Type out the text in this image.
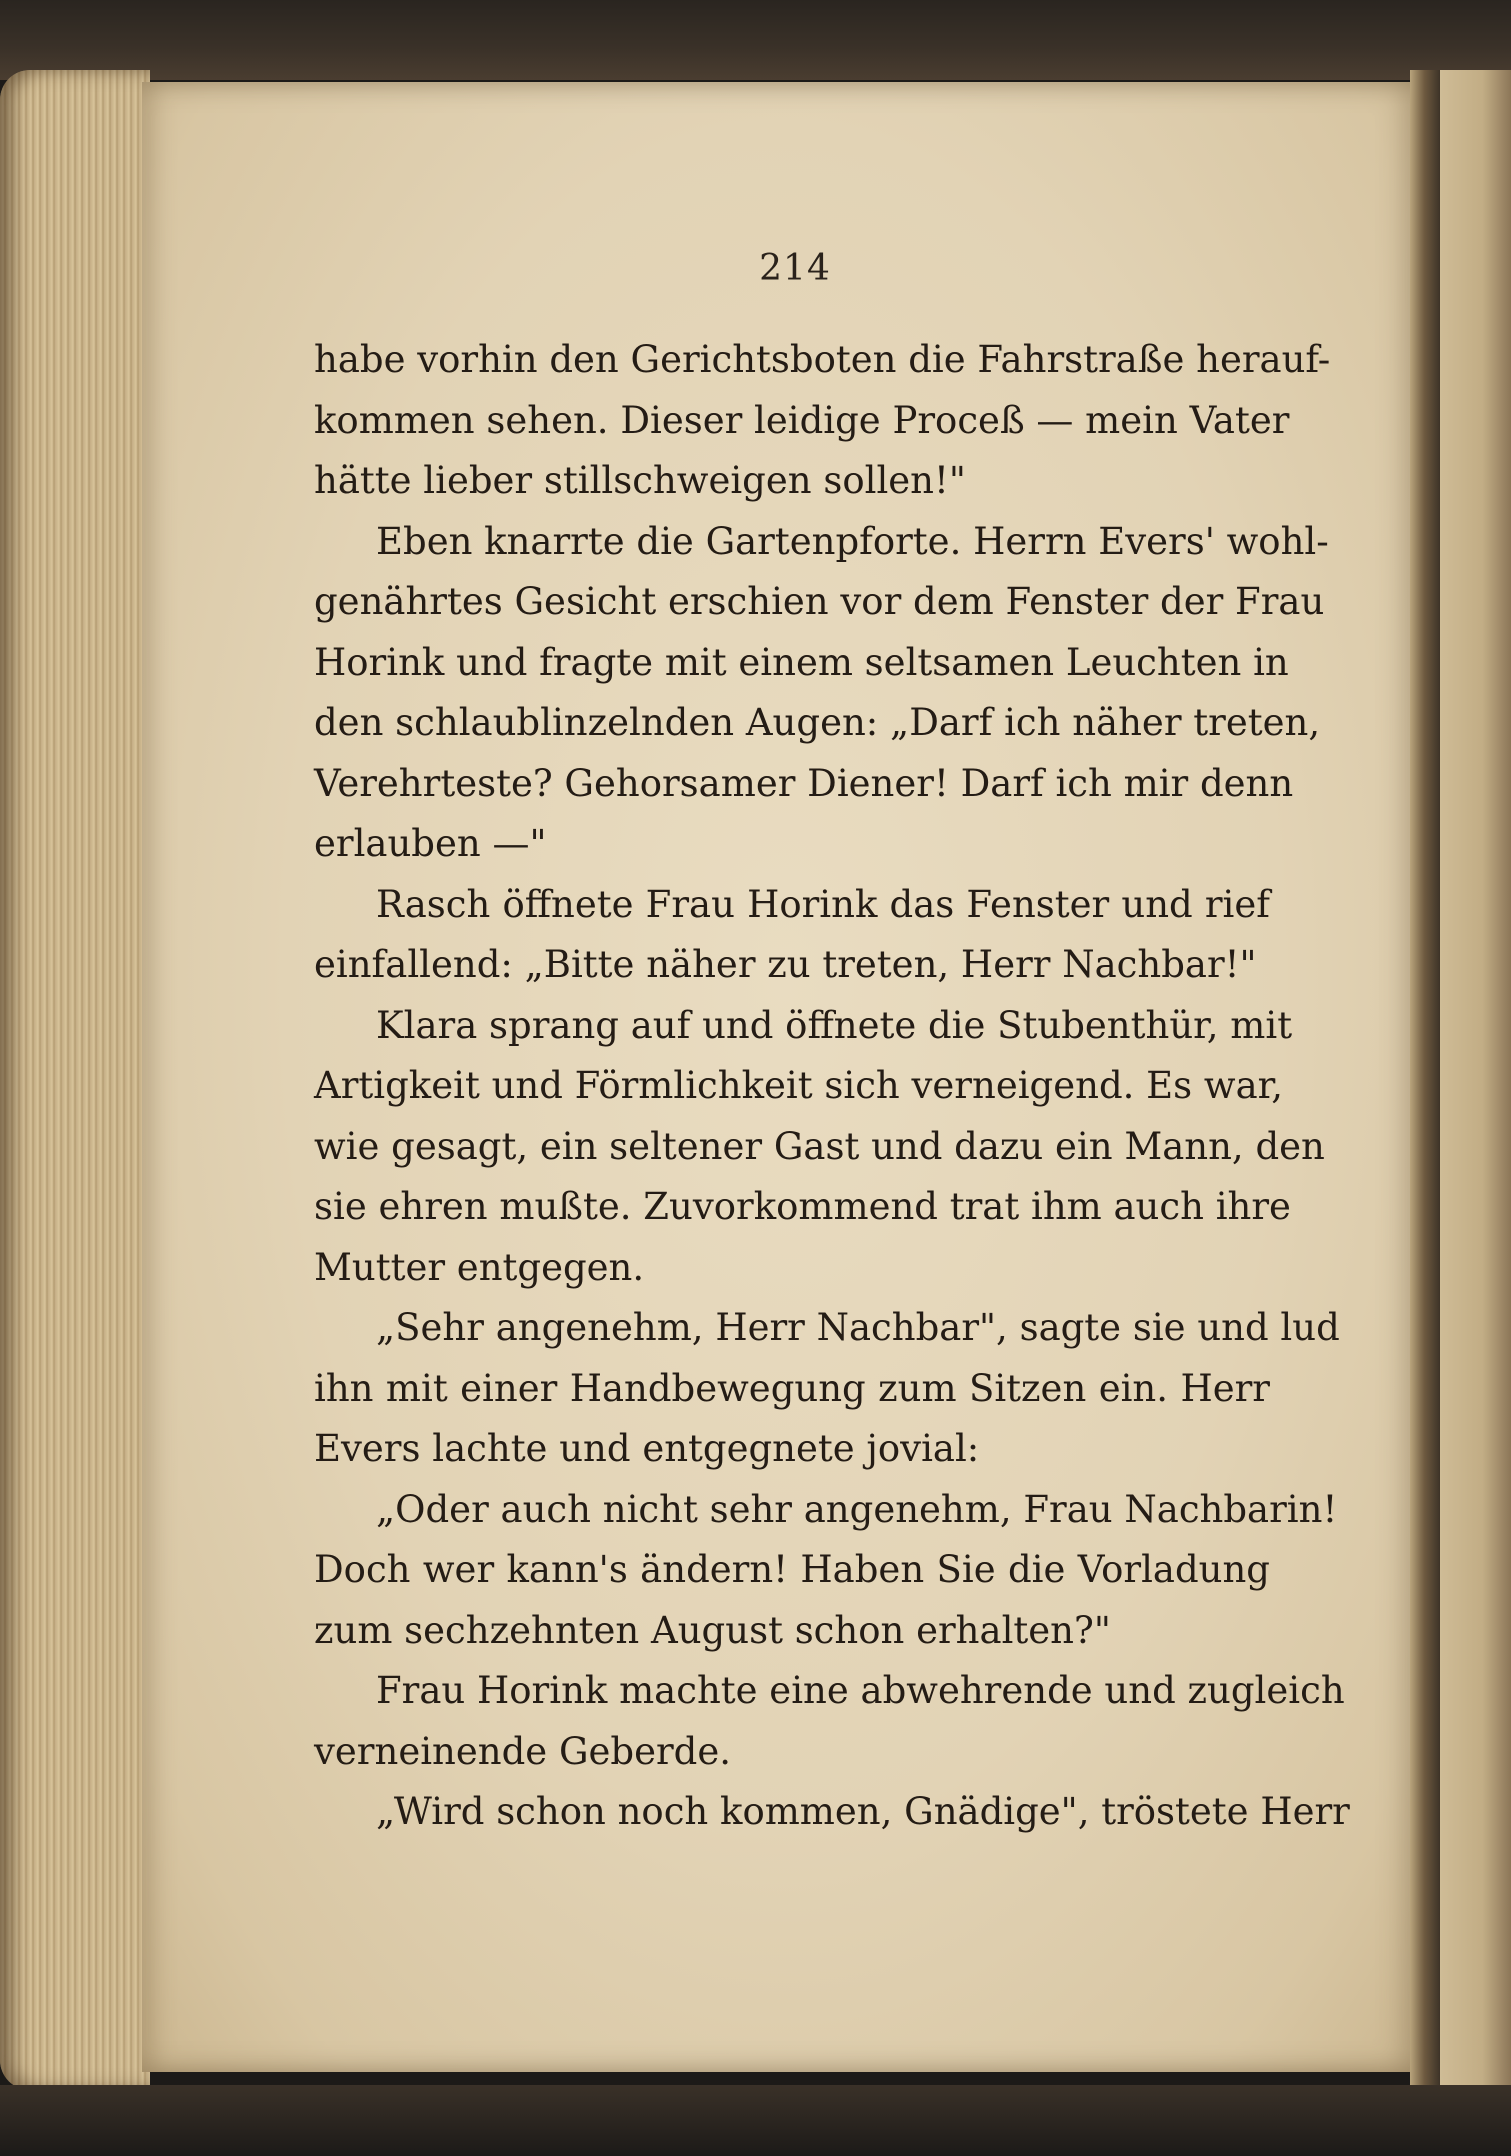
214
habe vorhin den Gerichtsboten die Fahrstraße herauf-
kommen sehen. Dieser leidige Proceß — mein Vater
hätte lieber stillschweigen sollen!"
Eben knarrte die Gartenpforte. Herrn Evers' wohl-
genährtes Gesicht erschien vor dem Fenster der Frau
Horink und fragte mit einem seltsamen Leuchten in
den schlaublinzelnden Augen: „Darf ich näher treten,
Verehrteste? Gehorsamer Diener! Darf ich mir denn
erlauben —"
Rasch öffnete Frau Horink das Fenster und rief
einfallend: „Bitte näher zu treten, Herr Nachbar!"
Klara sprang auf und öffnete die Stubenthür, mit
Artigkeit und Förmlichkeit sich verneigend. Es war,
wie gesagt, ein seltener Gast und dazu ein Mann, den
sie ehren mußte. Zuvorkommend trat ihm auch ihre
Mutter entgegen.
„Sehr angenehm, Herr Nachbar", sagte sie und lud
ihn mit einer Handbewegung zum Sitzen ein. Herr
Evers lachte und entgegnete jovial:
„Oder auch nicht sehr angenehm, Frau Nachbarin!
Doch wer kann's ändern! Haben Sie die Vorladung
zum sechzehnten August schon erhalten?"
Frau Horink machte eine abwehrende und zugleich
verneinende Geberde.
„Wird schon noch kommen, Gnädige", tröstete Herr
